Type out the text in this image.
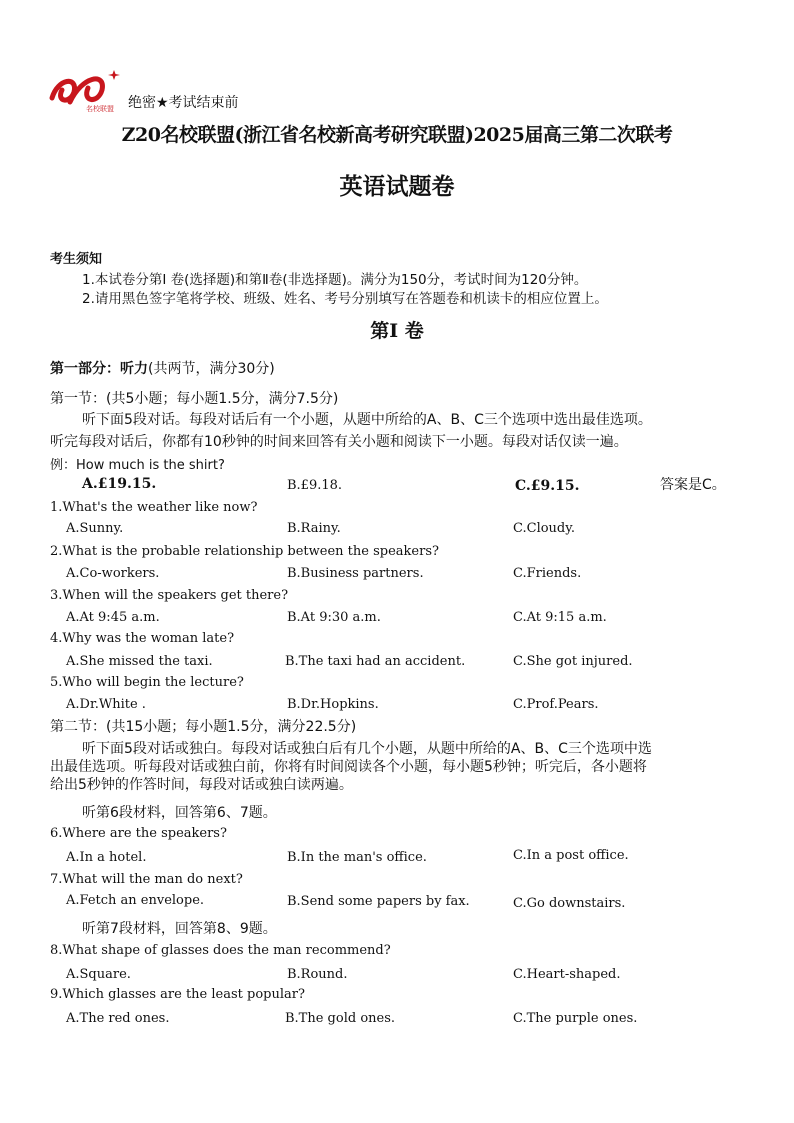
名校联盟 绝密★考试结束前
Z20名校联盟(浙江省名校新高考研究联盟)2025届高三第二次联考
英语试题卷
考生须知
1.本试卷分第I 卷(选择题)和第Ⅱ卷(非选择题)。满分为150分，考试时间为120分钟。
2.请用黑色签字笔将学校、班级、姓名、考号分别填写在答题卷和机读卡的相应位置上。
第I 卷
第一部分：听力(共两节，满分30分)
第一节：(共5小题；每小题1.5分，满分7.5分)
听下面5段对话。每段对话后有一个小题，从题中所给的A、B、C三个选项中选出最佳选项。
听完每段对话后，你都有10秒钟的时间来回答有关小题和阅读下一小题。每段对话仅读一遍。
例：How much is the shirt?
A.£19.15.	B.£9.18.	C.£9.15.	答案是C。
1.What's the weather like now?
A.Sunny.	B.Rainy.	C.Cloudy.
2.What is the probable relationship between the speakers?
A.Co-workers.	B.Business partners.	C.Friends.
3.When will the speakers get there?
A.At 9:45 a.m.	B.At 9:30 a.m.	C.At 9:15 a.m.
4.Why was the woman late?
A.She missed the taxi.	B.The taxi had an accident.	C.She got injured.
5.Who will begin the lecture?
A.Dr.White .	B.Dr.Hopkins.	C.Prof.Pears.
第二节：(共15小题；每小题1.5分，满分22.5分)
听下面5段对话或独白。每段对话或独白后有几个小题，从题中所给的A、B、C三个选项中选
出最佳选项。听每段对话或独白前，你将有时间阅读各个小题，每小题5秒钟；听完后，各小题将
给出5秒钟的作答时间，每段对话或独白读两遍。
听第6段材料，回答第6、7题。
6.Where are the speakers?
A.In a hotel.	B.In the man's office.	C.In a post office.
7.What will the man do next?
A.Fetch an envelope.	B.Send some papers by fax.	C.Go downstairs.
听第7段材料，回答第8、9题。
8.What shape of glasses does the man recommend?
A.Square.	B.Round.	C.Heart-shaped.
9.Which glasses are the least popular?
A.The red ones.	B.The gold ones.	C.The purple ones.
